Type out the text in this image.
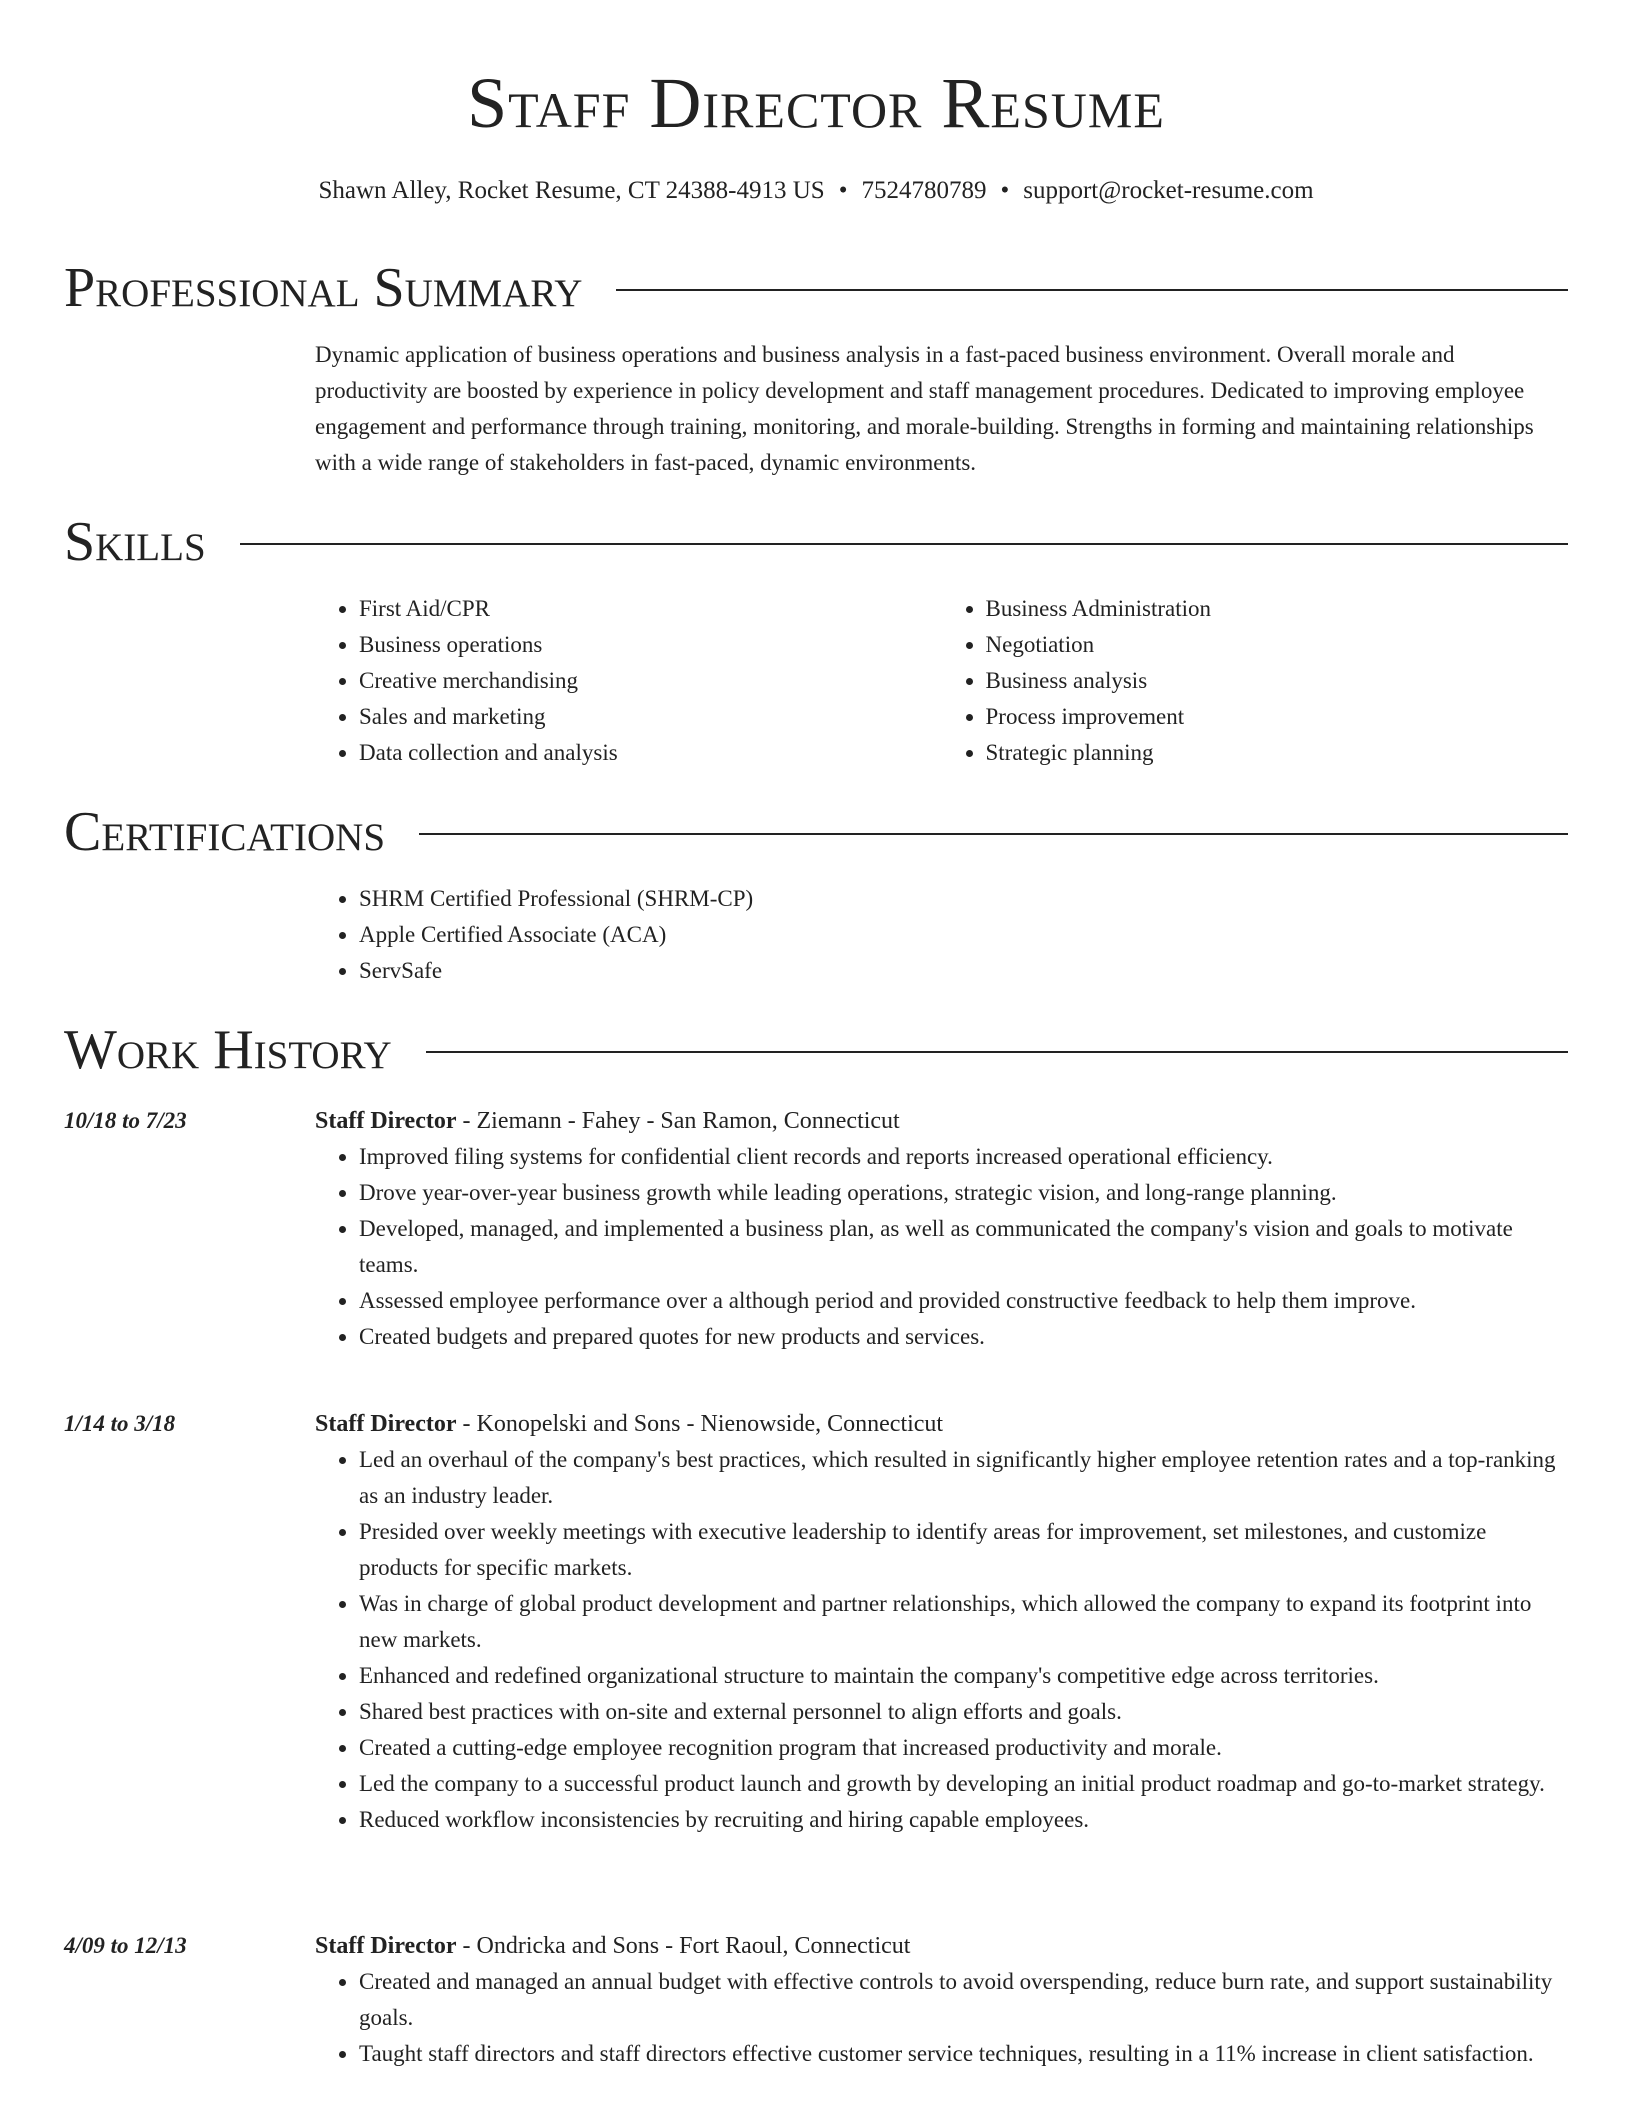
Staff Director Resume
Shawn Alley, Rocket Resume, CT 24388-4913 US • 7524780789 • support@rocket-resume.com
Professional Summary

Dynamic application of business operations and business analysis in a fast-paced business environment. Overall morale and productivity are boosted by experience in policy development and staff management procedures. Dedicated to improving employee engagement and performance through training, monitoring, and morale-building. Strengths in forming and maintaining relationships with a wide range of stakeholders in fast-paced, dynamic environments.

Skills
• First Aid/CPR
• Business operations
• Creative merchandising
• Sales and marketing
• Data collection and analysis
• Business Administration
• Negotiation
• Business analysis
• Process improvement
• Strategic planning
Certifications
• SHRM Certified Professional (SHRM-CP)
• Apple Certified Associate (ACA)
• ServSafe
Work History
10/18 to 7/23	Staff Director - Ziemann - Fahey - San Ramon, Connecticut
• Improved filing systems for confidential client records and reports increased operational efficiency.
• Drove year-over-year business growth while leading operations, strategic vision, and long-range planning.
• Developed, managed, and implemented a business plan, as well as communicated the company's vision and goals to motivate teams.
• Assessed employee performance over a although period and provided constructive feedback to help them improve.
• Created budgets and prepared quotes for new products and services.
1/14 to 3/18	Staff Director - Konopelski and Sons - Nienowside, Connecticut
• Led an overhaul of the company's best practices, which resulted in significantly higher employee retention rates and a top-ranking as an industry leader.
• Presided over weekly meetings with executive leadership to identify areas for improvement, set milestones, and customize products for specific markets.
• Was in charge of global product development and partner relationships, which allowed the company to expand its footprint into new markets.
• Enhanced and redefined organizational structure to maintain the company's competitive edge across territories.
• Shared best practices with on-site and external personnel to align efforts and goals.
• Created a cutting-edge employee recognition program that increased productivity and morale.
• Led the company to a successful product launch and growth by developing an initial product roadmap and go-to-market strategy.
• Reduced workflow inconsistencies by recruiting and hiring capable employees.
4/09 to 12/13	Staff Director - Ondricka and Sons - Fort Raoul, Connecticut
• Created and managed an annual budget with effective controls to avoid overspending, reduce burn rate, and support sustainability goals.
• Taught staff directors and staff directors effective customer service techniques, resulting in a 11% increase in client satisfaction.
